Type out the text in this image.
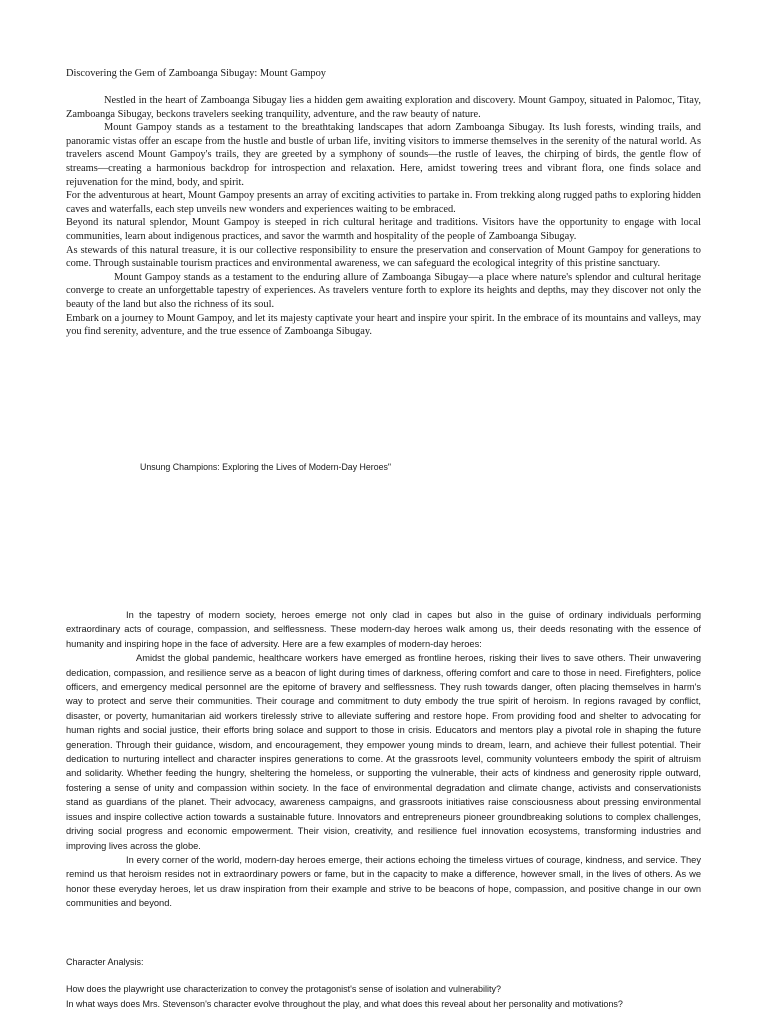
Discovering the Gem of Zamboanga Sibugay: Mount Gampoy

Nestled in the heart of Zamboanga Sibugay lies a hidden gem awaiting exploration and discovery. Mount Gampoy, situated in Palomoc, Titay, Zamboanga Sibugay, beckons travelers seeking tranquility, adventure, and the raw beauty of nature.

Mount Gampoy stands as a testament to the breathtaking landscapes that adorn Zamboanga Sibugay. Its lush forests, winding trails, and panoramic vistas offer an escape from the hustle and bustle of urban life, inviting visitors to immerse themselves in the serenity of the natural world. As travelers ascend Mount Gampoy's trails, they are greeted by a symphony of sounds—the rustle of leaves, the chirping of birds, the gentle flow of streams—creating a harmonious backdrop for introspection and relaxation. Here, amidst towering trees and vibrant flora, one finds solace and rejuvenation for the mind, body, and spirit.

For the adventurous at heart, Mount Gampoy presents an array of exciting activities to partake in. From trekking along rugged paths to exploring hidden caves and waterfalls, each step unveils new wonders and experiences waiting to be embraced.

Beyond its natural splendor, Mount Gampoy is steeped in rich cultural heritage and traditions. Visitors have the opportunity to engage with local communities, learn about indigenous practices, and savor the warmth and hospitality of the people of Zamboanga Sibugay.

As stewards of this natural treasure, it is our collective responsibility to ensure the preservation and conservation of Mount Gampoy for generations to come. Through sustainable tourism practices and environmental awareness, we can safeguard the ecological integrity of this pristine sanctuary.

Mount Gampoy stands as a testament to the enduring allure of Zamboanga Sibugay—a place where nature's splendor and cultural heritage converge to create an unforgettable tapestry of experiences. As travelers venture forth to explore its heights and depths, may they discover not only the beauty of the land but also the richness of its soul.

Embark on a journey to Mount Gampoy, and let its majesty captivate your heart and inspire your spirit. In the embrace of its mountains and valleys, may you find serenity, adventure, and the true essence of Zamboanga Sibugay.

Unsung Champions: Exploring the Lives of Modern-Day Heroes"

In the tapestry of modern society, heroes emerge not only clad in capes but also in the guise of ordinary individuals performing extraordinary acts of courage, compassion, and selflessness. These modern-day heroes walk among us, their deeds resonating with the essence of humanity and inspiring hope in the face of adversity. Here are a few examples of modern-day heroes:

Amidst the global pandemic, healthcare workers have emerged as frontline heroes, risking their lives to save others. Their unwavering dedication, compassion, and resilience serve as a beacon of light during times of darkness, offering comfort and care to those in need. Firefighters, police officers, and emergency medical personnel are the epitome of bravery and selflessness. They rush towards danger, often placing themselves in harm's way to protect and serve their communities. Their courage and commitment to duty embody the true spirit of heroism. In regions ravaged by conflict, disaster, or poverty, humanitarian aid workers tirelessly strive to alleviate suffering and restore hope. From providing food and shelter to advocating for human rights and social justice, their efforts bring solace and support to those in crisis. Educators and mentors play a pivotal role in shaping the future generation. Through their guidance, wisdom, and encouragement, they empower young minds to dream, learn, and achieve their fullest potential. Their dedication to nurturing intellect and character inspires generations to come. At the grassroots level, community volunteers embody the spirit of altruism and solidarity. Whether feeding the hungry, sheltering the homeless, or supporting the vulnerable, their acts of kindness and generosity ripple outward, fostering a sense of unity and compassion within society. In the face of environmental degradation and climate change, activists and conservationists stand as guardians of the planet. Their advocacy, awareness campaigns, and grassroots initiatives raise consciousness about pressing environmental issues and inspire collective action towards a sustainable future. Innovators and entrepreneurs pioneer groundbreaking solutions to complex challenges, driving social progress and economic empowerment. Their vision, creativity, and resilience fuel innovation ecosystems, transforming industries and improving lives across the globe.

In every corner of the world, modern-day heroes emerge, their actions echoing the timeless virtues of courage, kindness, and service. They remind us that heroism resides not in extraordinary powers or fame, but in the capacity to make a difference, however small, in the lives of others. As we honor these everyday heroes, let us draw inspiration from their example and strive to be beacons of hope, compassion, and positive change in our own communities and beyond.

Character Analysis:

How does the playwright use characterization to convey the protagonist's sense of isolation and vulnerability?

In what ways does Mrs. Stevenson's character evolve throughout the play, and what does this reveal about her personality and motivations?
